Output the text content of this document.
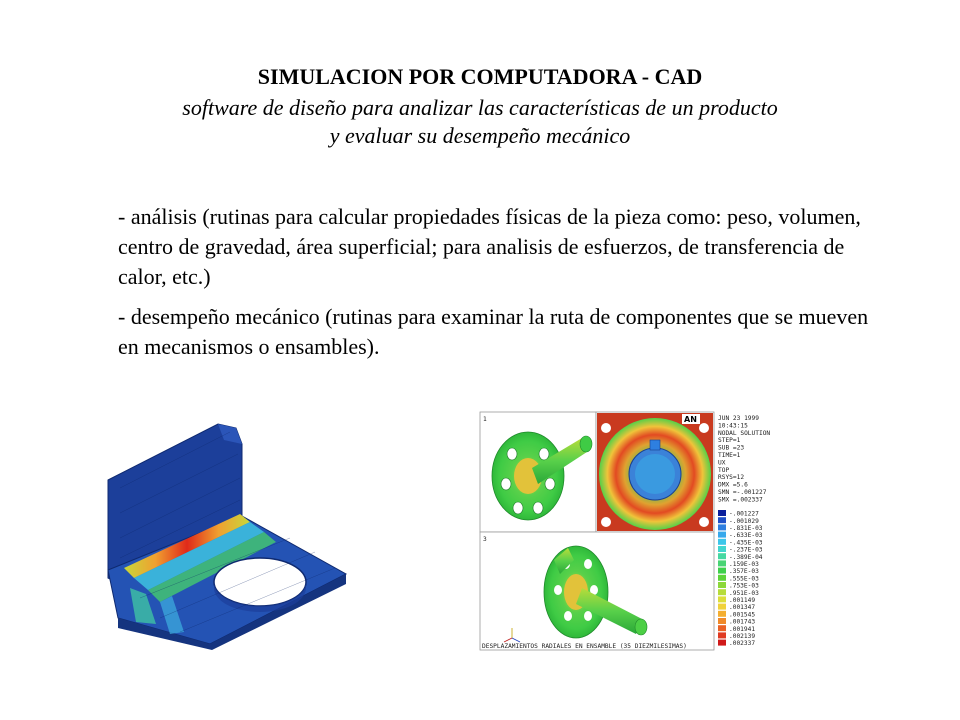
SIMULACION POR COMPUTADORA - CAD
software de diseño para analizar las características de un producto
y evaluar su desempeño mecánico
- análisis (rutinas para calcular propiedades físicas de la pieza como: peso, volumen, centro de gravedad, área superficial; para analisis de esfuerzos, de transferencia de calor, etc.)
- desempeño mecánico (rutinas para examinar la ruta de componentes que se mueven en mecanismos o ensambles).
1
3
AN
DESPLAZAMIENTOS RADIALES EN ENSAMBLE (35 DIEZMILESIMAS)
JUN 23 1999
10:43:15
NODAL SOLUTION
STEP=1
SUB =23
TIME=1
UX
TOP
RSYS=12
DMX =5.6
SMN =-.001227
SMX =.002337
-.001227
-.001029
-.831E-03
-.633E-03
-.435E-03
-.237E-03
-.389E-04
.159E-03
.357E-03
.555E-03
.753E-03
.951E-03
.001149
.001347
.001545
.001743
.001941
.002139
.002337
